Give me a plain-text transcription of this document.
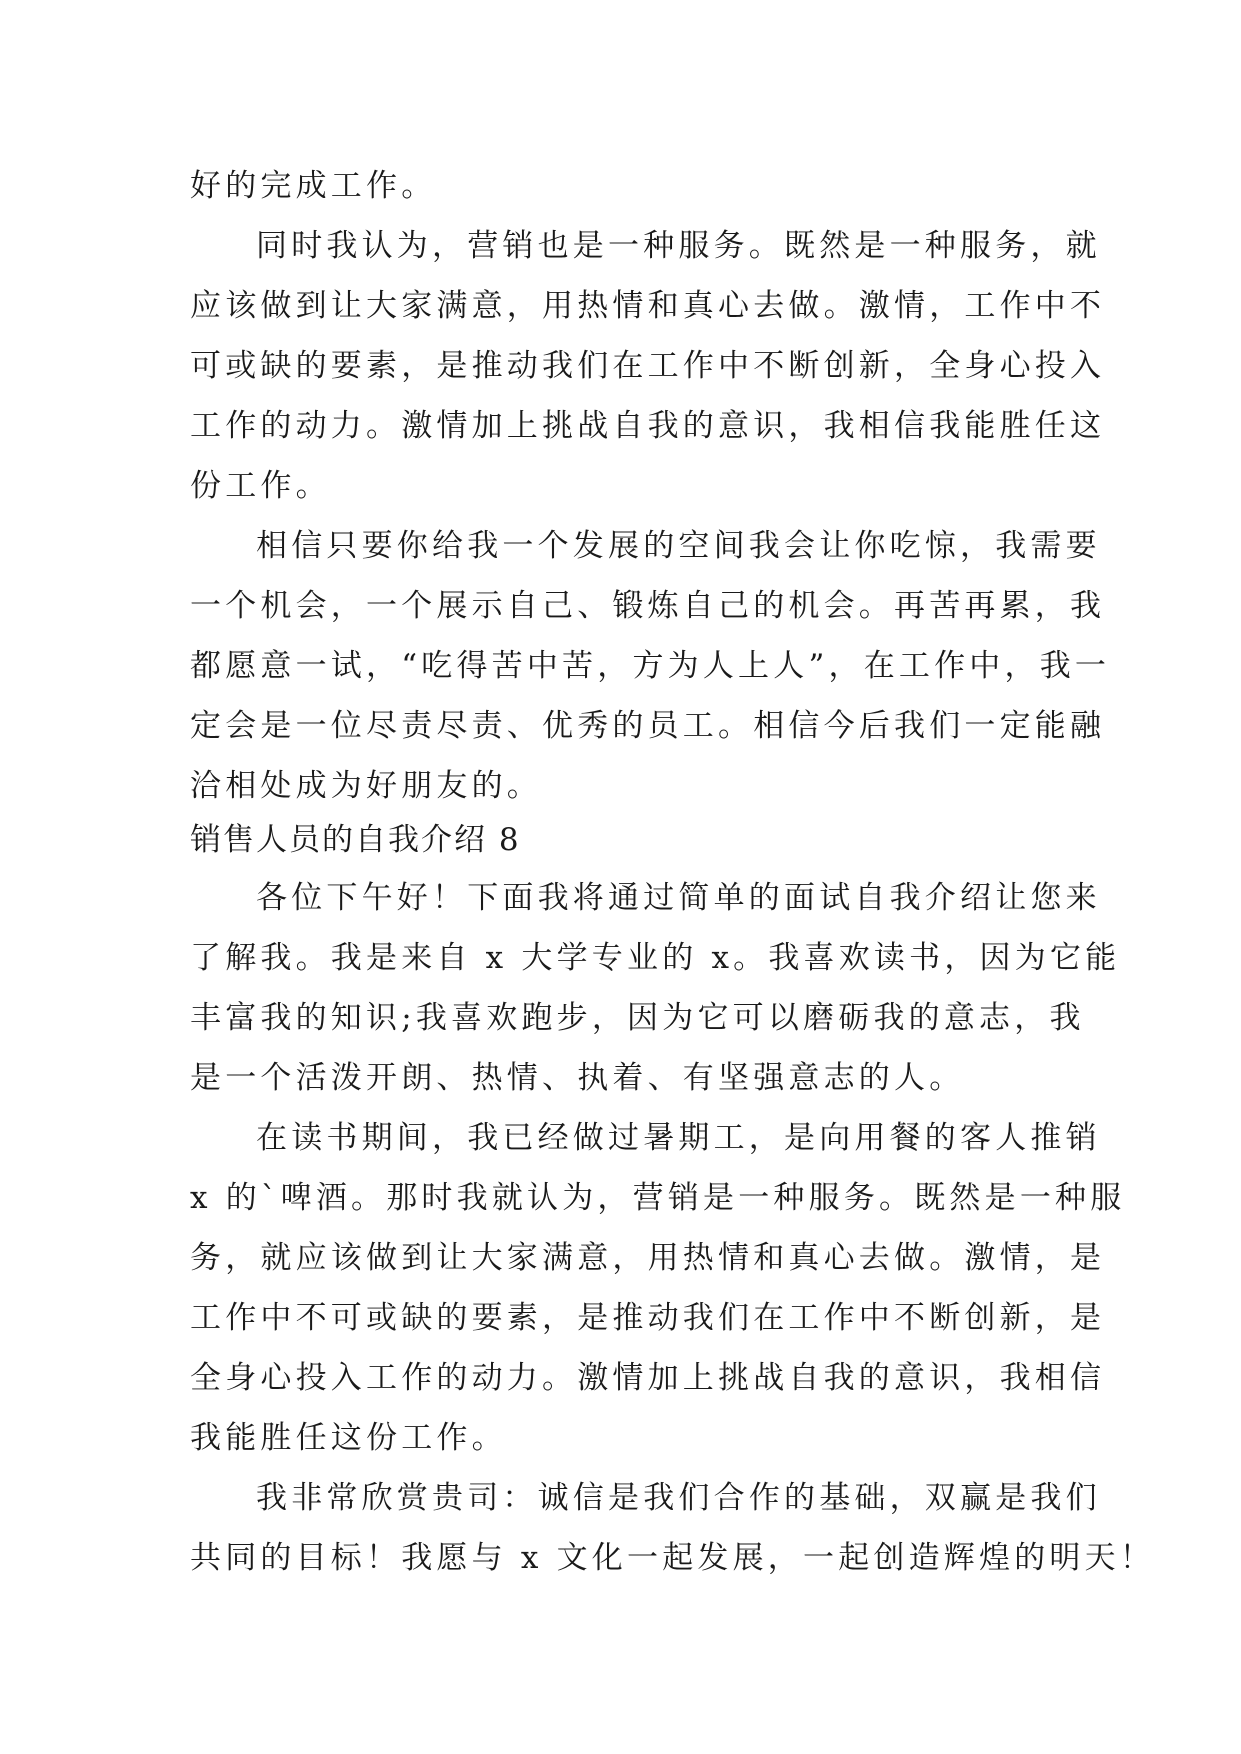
好的完成工作。
同时我认为，营销也是一种服务。既然是一种服务，就
应该做到让大家满意，用热情和真心去做。激情，工作中不
可或缺的要素，是推动我们在工作中不断创新，全身心投入
工作的动力。激情加上挑战自我的意识，我相信我能胜任这
份工作。
相信只要你给我一个发展的空间我会让你吃惊，我需要
一个机会，一个展示自己、锻炼自己的机会。再苦再累，我
都愿意一试，“吃得苦中苦，方为人上人”，在工作中，我一
定会是一位尽责尽责、优秀的员工。相信今后我们一定能融
洽相处成为好朋友的。
销售人员的自我介绍 8
各位下午好！下面我将通过简单的面试自我介绍让您来
了解我。我是来自 x 大学专业的 x。我喜欢读书，因为它能
丰富我的知识;我喜欢跑步，因为它可以磨砺我的意志，我
是一个活泼开朗、热情、执着、有坚强意志的人。
在读书期间，我已经做过暑期工，是向用餐的客人推销
x 的`啤酒。那时我就认为，营销是一种服务。既然是一种服
务，就应该做到让大家满意，用热情和真心去做。激情，是
工作中不可或缺的要素，是推动我们在工作中不断创新，是
全身心投入工作的动力。激情加上挑战自我的意识，我相信
我能胜任这份工作。
我非常欣赏贵司：诚信是我们合作的基础，双赢是我们
共同的目标！我愿与 x 文化一起发展，一起创造辉煌的明天！
